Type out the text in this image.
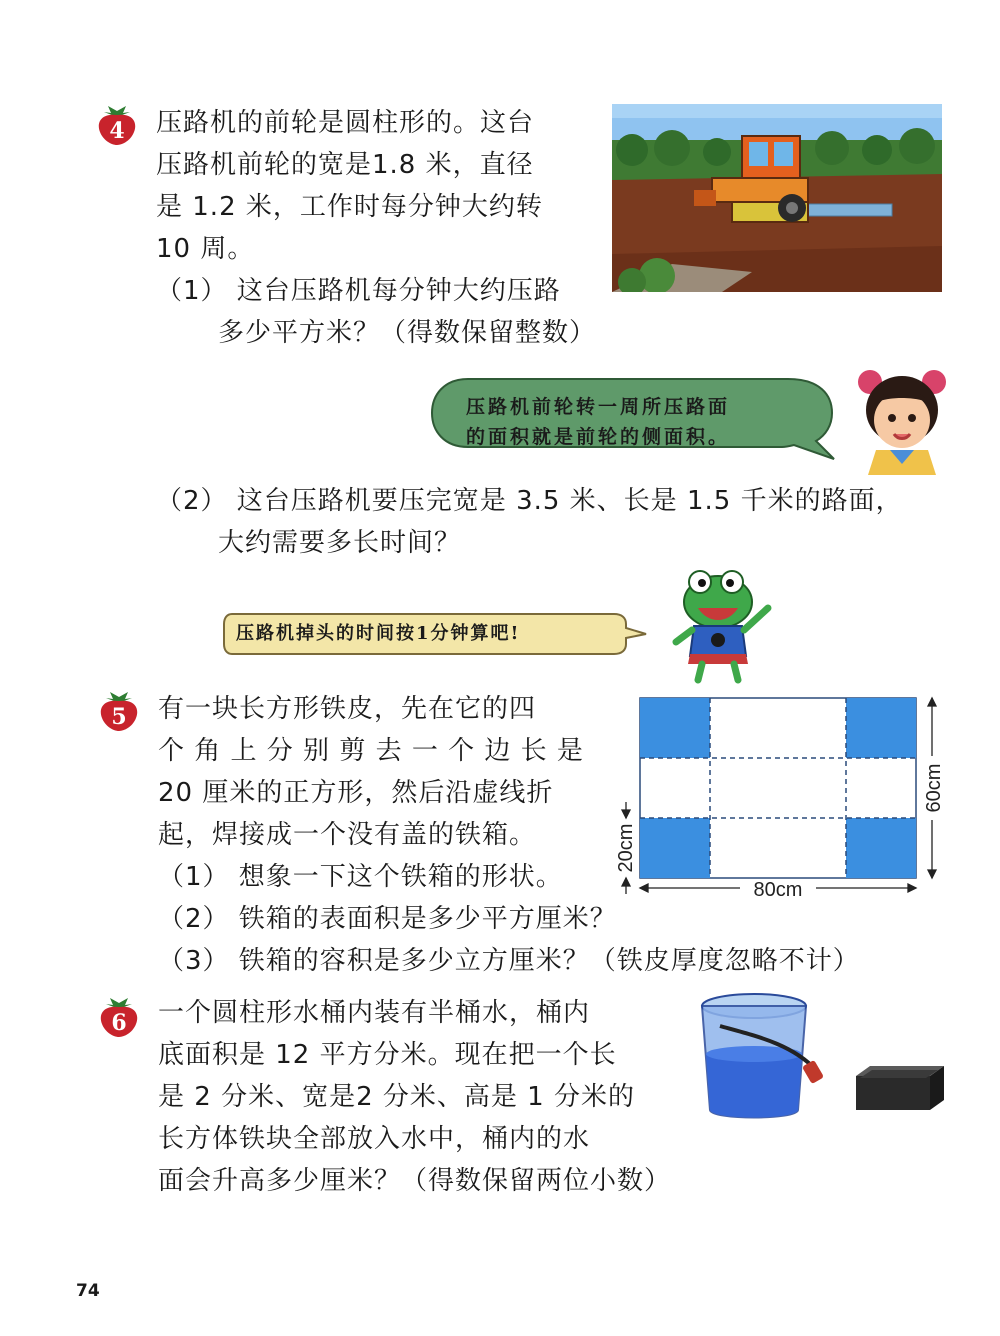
4 压路机的前轮是圆柱形的。这台
压路机前轮的宽是1.8 米，直径
是 1.2 米，工作时每分钟大约转
10 周。
（1） 这台压路机每分钟大约压路
多少平方米？（得数保留整数）
压路机前轮转一周所压路面
的面积就是前轮的侧面积。
（2） 这台压路机要压完宽是 3.5 米、长是 1.5 千米的路面，
大约需要多长时间？
压路机掉头的时间按1分钟算吧!
5 有一块长方形铁皮，先在它的四
个 角 上 分 别 剪 去 一 个 边 长 是
20 厘米的正方形，然后沿虚线折
起，焊接成一个没有盖的铁箱。
（1） 想象一下这个铁箱的形状。
（2） 铁箱的表面积是多少平方厘米？
（3） 铁箱的容积是多少立方厘米？（铁皮厚度忽略不计）
80cm
60cm
20cm
6 一个圆柱形水桶内装有半桶水，桶内
底面积是 12 平方分米。现在把一个长
是 2 分米、宽是2 分米、高是 1 分米的
长方体铁块全部放入水中，桶内的水
面会升高多少厘米？（得数保留两位小数）
74
